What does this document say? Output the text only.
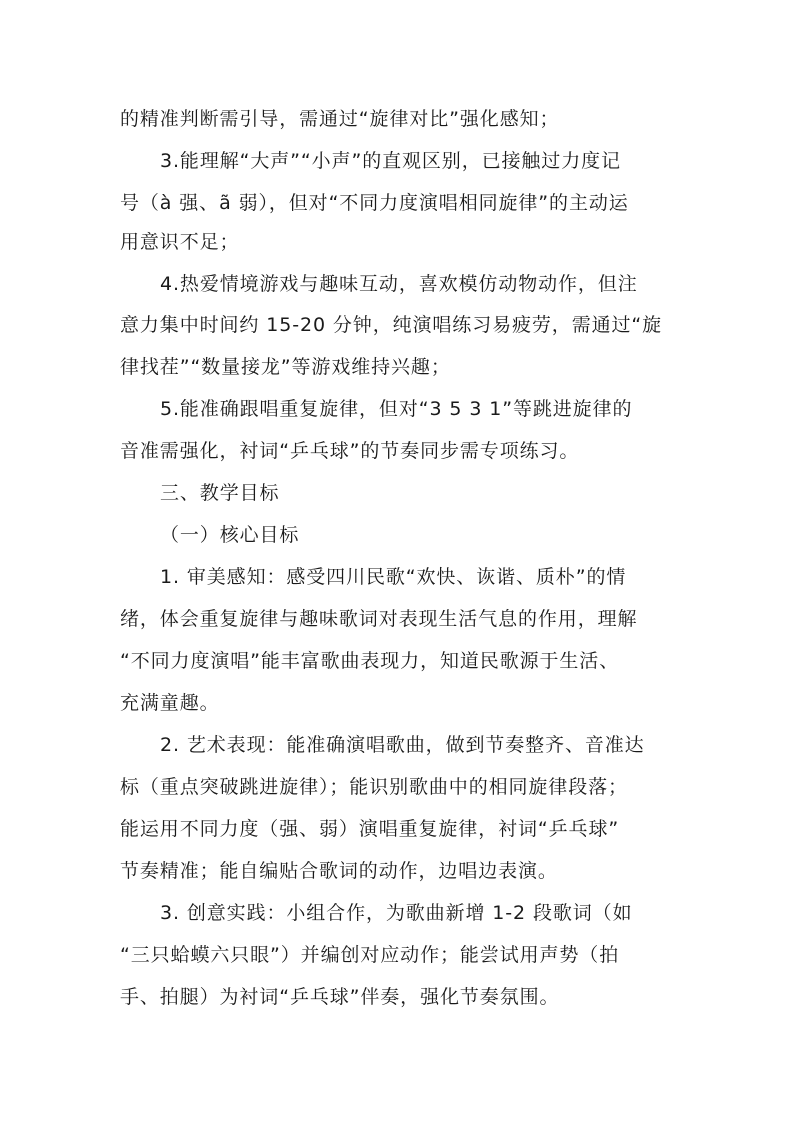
的精准判断需引导，需通过“旋律对比”强化感知；
3.能理解“大声”“小声”的直观区别，已接触过力度记
号（à 强、ã 弱），但对“不同力度演唱相同旋律”的主动运
用意识不足；
4.热爱情境游戏与趣味互动，喜欢模仿动物动作，但注
意力集中时间约 15-20 分钟，纯演唱练习易疲劳，需通过“旋
律找茬”“数量接龙”等游戏维持兴趣；
5.能准确跟唱重复旋律，但对“3 5 3 1”等跳进旋律的
音准需强化，衬词“乒乓球”的节奏同步需专项练习。
三、教学目标
（一）核心目标
1. 审美感知：感受四川民歌“欢快、诙谐、质朴”的情
绪，体会重复旋律与趣味歌词对表现生活气息的作用，理解
“不同力度演唱”能丰富歌曲表现力，知道民歌源于生活、
充满童趣。
2. 艺术表现：能准确演唱歌曲，做到节奏整齐、音准达
标（重点突破跳进旋律）；能识别歌曲中的相同旋律段落；
能运用不同力度（强、弱）演唱重复旋律，衬词“乒乓球”
节奏精准；能自编贴合歌词的动作，边唱边表演。
3. 创意实践：小组合作，为歌曲新增 1-2 段歌词（如
“三只蛤蟆六只眼”）并编创对应动作；能尝试用声势（拍
手、拍腿）为衬词“乒乓球”伴奏，强化节奏氛围。
